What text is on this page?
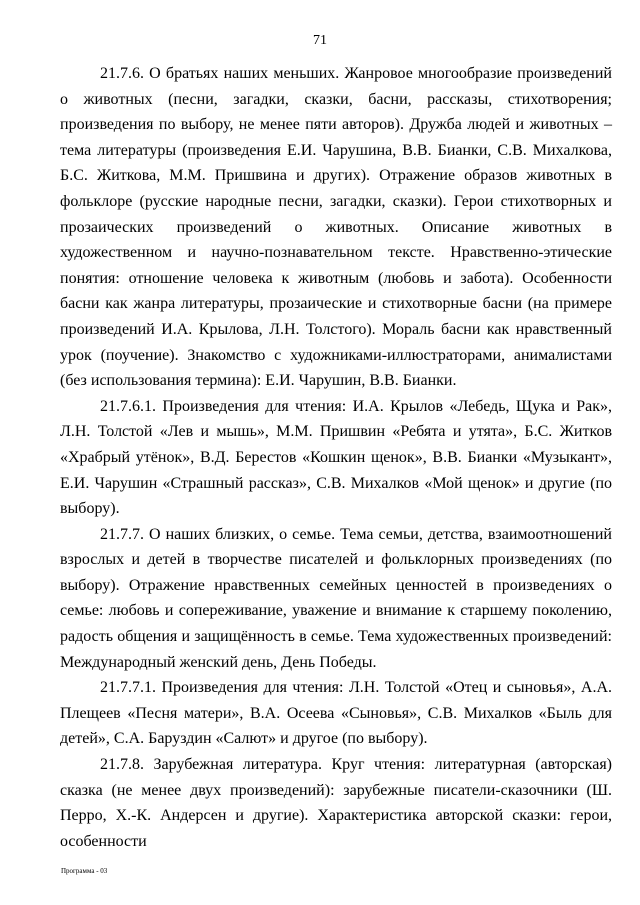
71

21.7.6. О братьях наших меньших. Жанровое многообразие произведений о животных (песни, загадки, сказки, басни, рассказы, стихотворения; произведения по выбору, не менее пяти авторов). Дружба людей и животных – тема литературы (произведения Е.И. Чарушина, В.В. Бианки, С.В. Михалкова, Б.С. Житкова, М.М. Пришвина и других). Отражение образов животных в фольклоре (русские народные песни, загадки, сказки). Герои стихотворных и прозаических произведений о животных. Описание животных в художественном и научно-познавательном тексте. Нравственно-этические понятия: отношение человека к животным (любовь и забота). Особенности басни как жанра литературы, прозаические и стихотворные басни (на примере произведений И.А. Крылова, Л.Н. Толстого). Мораль басни как нравственный урок (поучение). Знакомство с художниками-иллюстраторами, анималистами (без использования термина): Е.И. Чарушин, В.В. Бианки.

21.7.6.1. Произведения для чтения: И.А. Крылов «Лебедь, Щука и Рак», Л.Н. Толстой «Лев и мышь», М.М. Пришвин «Ребята и утята», Б.С. Житков «Храбрый утёнок», В.Д. Берестов «Кошкин щенок», В.В. Бианки «Музыкант», Е.И. Чарушин «Страшный рассказ», С.В. Михалков «Мой щенок» и другие (по выбору).

21.7.7. О наших близких, о семье. Тема семьи, детства, взаимоотношений взрослых и детей в творчестве писателей и фольклорных произведениях (по выбору). Отражение нравственных семейных ценностей в произведениях о семье: любовь и сопереживание, уважение и внимание к старшему поколению, радость общения и защищённость в семье. Тема художественных произведений: Международный женский день, День Победы.

21.7.7.1. Произведения для чтения: Л.Н. Толстой «Отец и сыновья», А.А. Плещеев «Песня матери», В.А. Осеева «Сыновья», С.В. Михалков «Быль для детей», С.А. Баруздин «Салют» и другое (по выбору).

21.7.8. Зарубежная литература. Круг чтения: литературная (авторская) сказка (не менее двух произведений): зарубежные писатели-сказочники (Ш. Перро, Х.-К. Андерсен и другие). Характеристика авторской сказки: герои, особенности

Программа - 03
